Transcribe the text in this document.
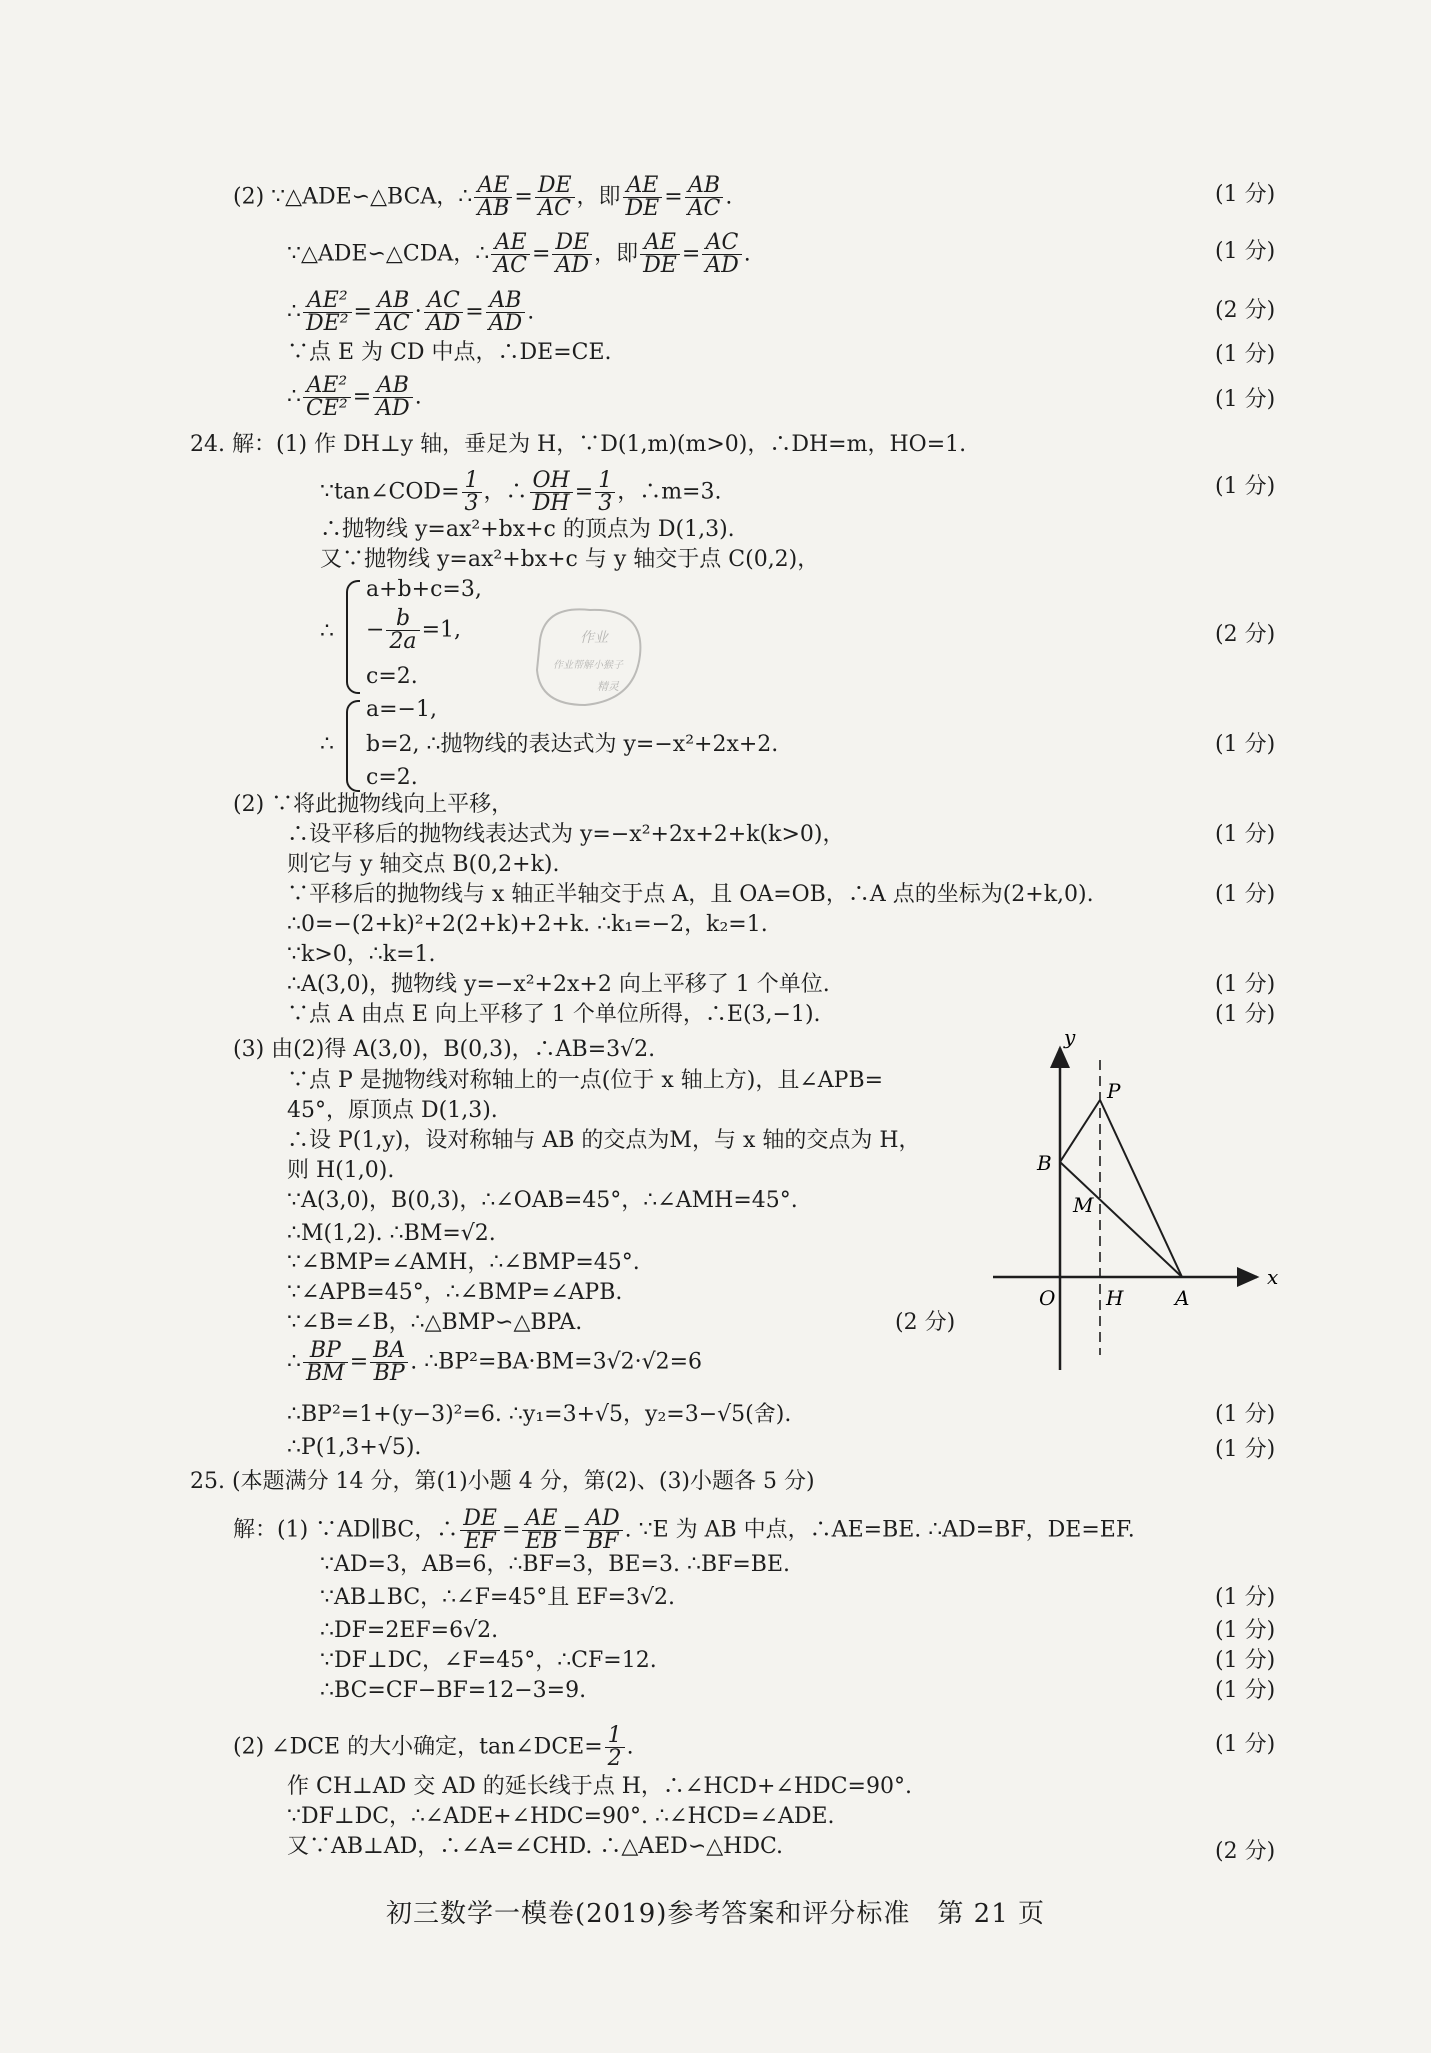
(2) ∵△ADE∽△BCA，∴ $\frac{AE}{AB} = \frac{DE}{AC}$ ，即 $\frac{AE}{DE} = \frac{AB}{AC}$ .	(1 分)
∵△ADE∽△CDA，∴ $\frac{AE}{AC} = \frac{DE}{AD}$ ，即 $\frac{AE}{DE} = \frac{AC}{AD}$ .	(1 分)
∴ $\frac{\text{AE²}}{\text{DE²}} = \frac{AB}{AC} \cdot \frac{AC}{AD} = \frac{AB}{AD}$ .	(2 分)
∵点 E 为 CD 中点，∴DE=CE.	(1 分)
∴ $\frac{\text{AE²}}{\text{CE²}} = \frac{AB}{AD}$ .	(1 分)
24. 解：(1) 作 DH⊥y 轴，垂足为 H，∵D(1,m)(m>0)，∴DH=m，HO=1.
∵tan∠COD= $\frac{1}{3}$ ，∴ $\frac{OH}{DH} = \frac{1}{3}$ ，∴m=3.	(1 分)
∴抛物线 y=ax²+bx+c 的顶点为 D(1,3).
又∵抛物线 y=ax²+bx+c 与 y 轴交于点 C(0,2)，
∴
a+b+c=3,
− $\frac{b}{2a} =1$,
c=2.
(2 分)
∴
a=−1,
b=2, ∴抛物线的表达式为 y=−x²+2x+2.
c=2.
(1 分)
(2) ∵将此抛物线向上平移，
∴设平移后的抛物线表达式为 y=−x²+2x+2+k(k>0)，	(1 分)
则它与 y 轴交点 B(0,2+k).
∵平移后的抛物线与 x 轴正半轴交于点 A，且 OA=OB，∴A 点的坐标为(2+k,0).	(1 分)
∴0=−(2+k)²+2(2+k)+2+k. ∴k₁=−2，k₂=1.
∵k>0，∴k=1.
∴A(3,0)，抛物线 y=−x²+2x+2 向上平移了 1 个单位.	(1 分)
∵点 A 由点 E 向上平移了 1 个单位所得，∴E(3,−1).	(1 分)
(3) 由(2)得 A(3,0)，B(0,3)，∴AB=3√2.
∵点 P 是抛物线对称轴上的一点(位于 x 轴上方)，且∠APB=
45°，原顶点 D(1,3).
∴设 P(1,y)，设对称轴与 AB 的交点为M，与 x 轴的交点为 H，
则 H(1,0).
∵A(3,0)，B(0,3)，∴∠OAB=45°，∴∠AMH=45°.
∴M(1,2). ∴BM=√2.
∵∠BMP=∠AMH，∴∠BMP=45°.
∵∠APB=45°，∴∠BMP=∠APB.
∵∠B=∠B，∴△BMP∽△BPA.	(2 分)
∴ $\frac{BP}{BM} = \frac{BA}{BP}$ . ∴BP²=BA·BM=3√2·√2=6
∴BP²=1+(y−3)²=6. ∴y₁=3+√5，y₂=3−√5(舍).	(1 分)
∴P(1,3+√5).	(1 分)
x
y
O	H	A
B
M
P
25. (本题满分 14 分，第(1)小题 4 分，第(2)、(3)小题各 5 分)
解：(1) ∵AD∥BC，∴ $\frac{DE}{EF} = \frac{AE}{EB} = \frac{AD}{BF}$ . ∵E 为 AB 中点，∴AE=BE. ∴AD=BF，DE=EF.
∵AD=3，AB=6，∴BF=3，BE=3. ∴BF=BE.
∵AB⊥BC，∴∠F=45°且 EF=3√2.	(1 分)
∴DF=2EF=6√2.	(1 分)
∵DF⊥DC，∠F=45°，∴CF=12.	(1 分)
∴BC=CF−BF=12−3=9.	(1 分)
(2) ∠DCE 的大小确定，tan∠DCE= $\frac{1}{2}$ .	(1 分)
作 CH⊥AD 交 AD 的延长线于点 H，∴∠HCD+∠HDC=90°.
∵DF⊥DC，∴∠ADE+∠HDC=90°. ∴∠HCD=∠ADE.
又∵AB⊥AD，∴∠A=∠CHD. ∴△AED∽△HDC.	(2 分)
作业
作业帮解小猴子
精灵
初三数学一模卷(2019)参考答案和评分标准　第 21 页
